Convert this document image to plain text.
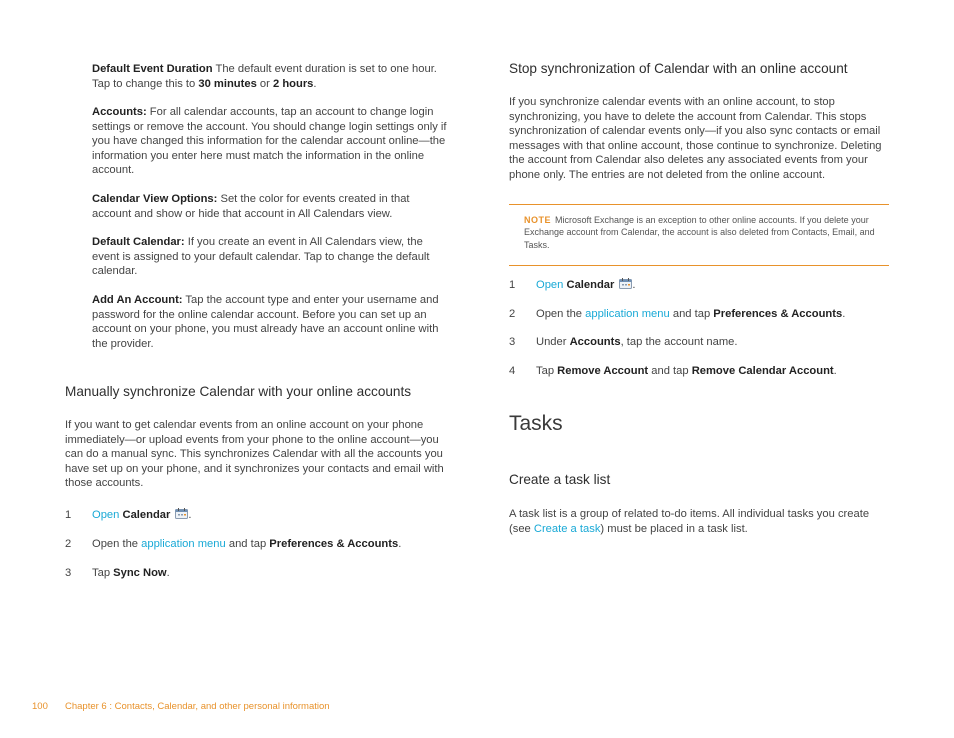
Default Event Duration The default event duration is set to one hour. Tap to change this to 30 minutes or 2 hours.

Accounts: For all calendar accounts, tap an account to change login settings or remove the account. You should change login settings only if you have changed this information for the calendar account online—the information you enter here must match the information in the online account.

Calendar View Options: Set the color for events created in that account and show or hide that account in All Calendars view.

Default Calendar: If you create an event in All Calendars view, the event is assigned to your default calendar. Tap to change the default calendar.

Add An Account: Tap the account type and enter your username and password for the online calendar account. Before you can set up an account on your phone, you must already have an account online with the provider.

Manually synchronize Calendar with your online accounts

If you want to get calendar events from an online account on your phone immediately—or upload events from your phone to the online account—you can do a manual sync. This synchronizes Calendar with all the accounts you have set up on your phone, and it synchronizes your contacts and email with those accounts.

1 Open Calendar .
2 Open the application menu and tap Preferences & Accounts.
3 Tap Sync Now.
Stop synchronization of Calendar with an online account

If you synchronize calendar events with an online account, to stop synchronizing, you have to delete the account from Calendar. This stops synchronization of calendar events only—if you also sync contacts or email messages with that online account, those continue to synchronize. Deleting the account from Calendar also deletes any associated events from your phone only. The entries are not deleted from the online account.

NOTE Microsoft Exchange is an exception to other online accounts. If you delete your Exchange account from Calendar, the account is also deleted from Contacts, Email, and Tasks.

1 Open Calendar .
2 Open the application menu and tap Preferences & Accounts.
3 Under Accounts, tap the account name.
4 Tap Remove Account and tap Remove Calendar Account.
Tasks
Create a task list

A task list is a group of related to-do items. All individual tasks you create (see Create a task) must be placed in a task list.

100 Chapter 6 : Contacts, Calendar, and other personal information
